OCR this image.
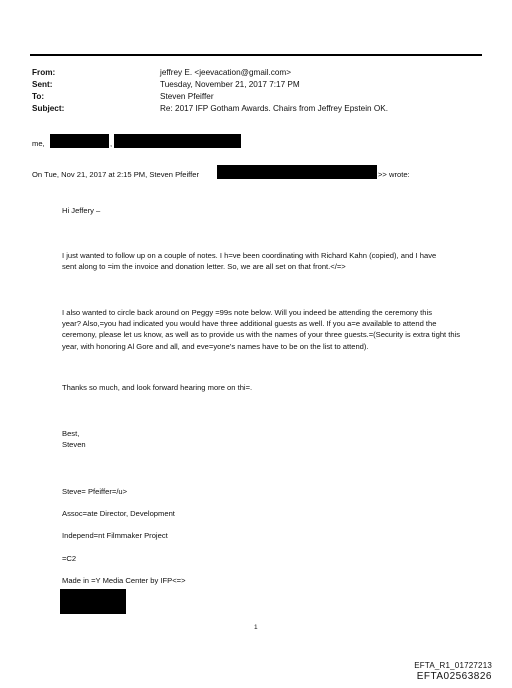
From:	jeffrey E. <jeevacation@gmail.com>
Sent:	Tuesday, November 21, 2017 7:17 PM
To:	Steven Pfeiffer
Subject:	Re: 2017 IFP Gotham Awards. Chairs from Jeffrey Epstein OK.
me,	,
On Tue, Nov 21, 2017 at 2:15 PM, Steven Pfeiffer	>> wrote:
Hi Jeffery –
I just wanted to follow up on a couple of notes. I h=ve been coordinating with Richard Kahn (copied), and I have
sent along to =im the invoice and donation letter. So, we are all set on that front.</=>
I also wanted to circle back around on Peggy =99s note below. Will you indeed be attending the ceremony this
year? Also,=you had indicated you would have three additional guests as well. If you a=e available to attend the
ceremony, please let us know, as well as to provide us with the names of your three guests.=(Security is extra tight this
year, with honoring Al Gore and all, and eve=yone’s names have to be on the list to attend).
Thanks so much, and look forward hearing more on thi=.
Best,
Steven
Steve= Pfeiffer=/u>
Assoc=ate Director, Development
Independ=nt Filmmaker Project
=C2
Made in =Y Media Center by IFP<=>
1
EFTA_R1_01727213
EFTA02563826
